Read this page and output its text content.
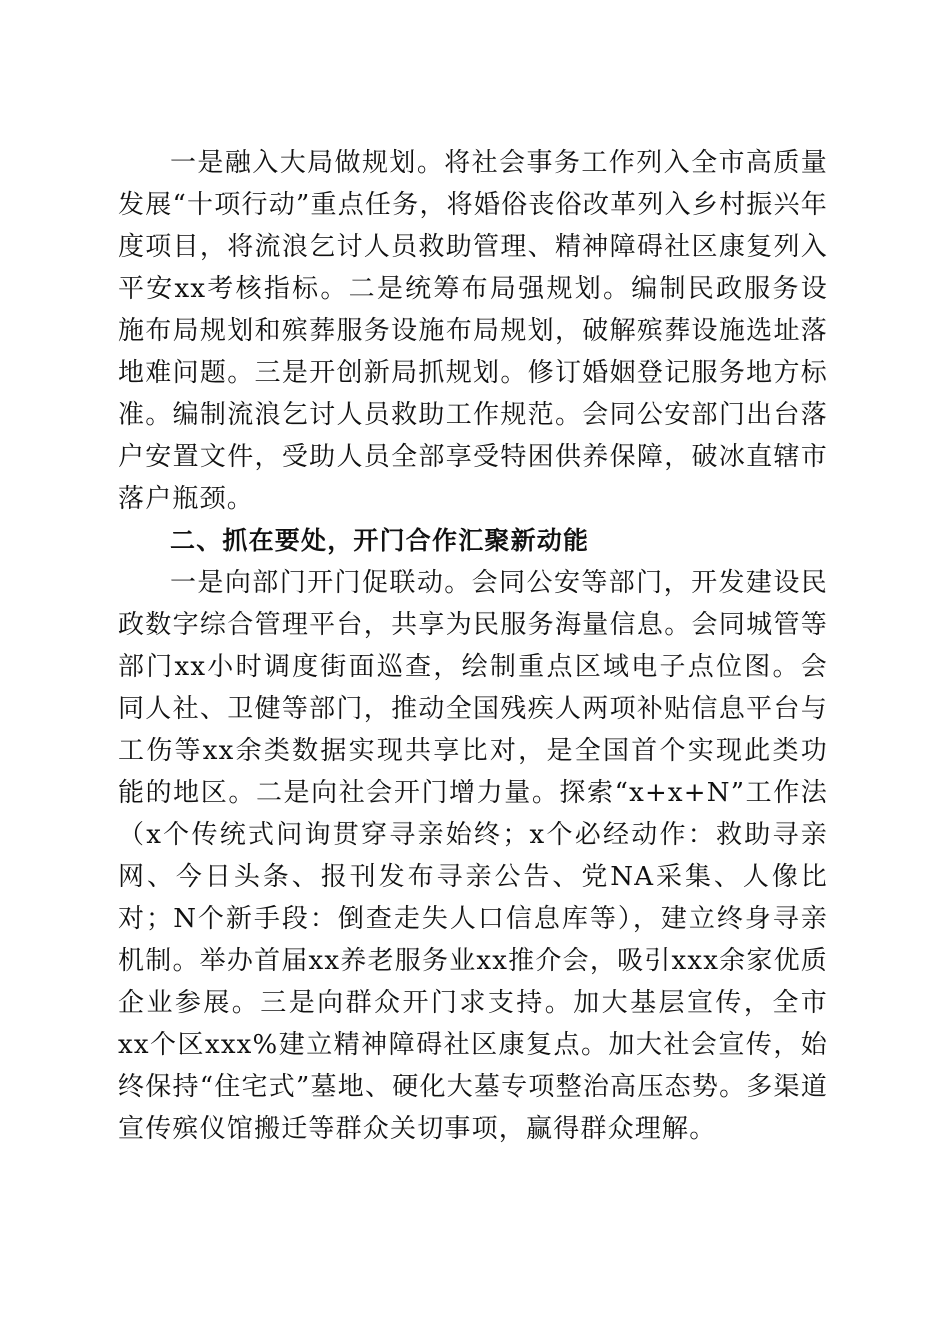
一是融入大局做规划。将社会事务工作列入全市高质量发展“十项行动”重点任务，将婚俗丧俗改革列入乡村振兴年度项目，将流浪乞讨人员救助管理、精神障碍社区康复列入平安xx考核指标。二是统筹布局强规划。编制民政服务设施布局规划和殡葬服务设施布局规划，破解殡葬设施选址落地难问题。三是开创新局抓规划。修订婚姻登记服务地方标准。编制流浪乞讨人员救助工作规范。会同公安部门出台落户安置文件，受助人员全部享受特困供养保障，破冰直辖市落户瓶颈。

二、抓在要处，开门合作汇聚新动能

一是向部门开门促联动。会同公安等部门，开发建设民政数字综合管理平台，共享为民服务海量信息。会同城管等部门xx小时调度街面巡查，绘制重点区域电子点位图。会同人社、卫健等部门，推动全国残疾人两项补贴信息平台与工伤等xx余类数据实现共享比对，是全国首个实现此类功能的地区。二是向社会开门增力量。探索“x+x+N”工作法（x个传统式问询贯穿寻亲始终；x个必经动作：救助寻亲网、今日头条、报刊发布寻亲公告、党NA采集、人像比对；N个新手段：倒查走失人口信息库等），建立终身寻亲机制。举办首届xx养老服务业xx推介会，吸引xxx余家优质企业参展。三是向群众开门求支持。加大基层宣传，全市xx个区xxx%建立精神障碍社区康复点。加大社会宣传，始终保持“住宅式”墓地、硬化大墓专项整治高压态势。多渠道宣传殡仪馆搬迁等群众关切事项，赢得群众理解。
